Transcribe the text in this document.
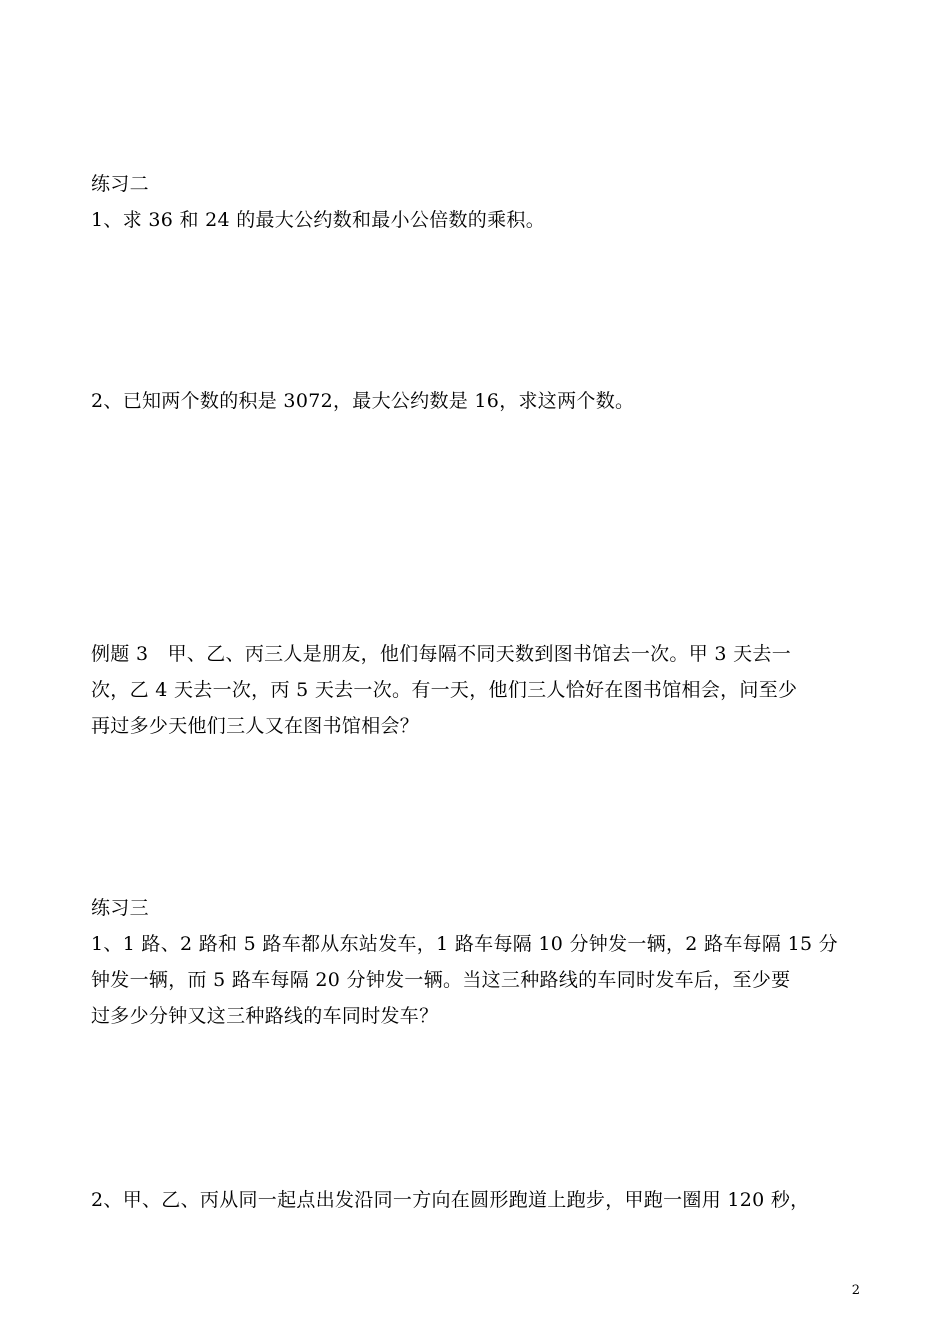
练习二
1、求 36 和 24 的最大公约数和最小公倍数的乘积。
2、已知两个数的积是 3072，最大公约数是 16，求这两个数。
例题 3　甲、乙、丙三人是朋友，他们每隔不同天数到图书馆去一次。甲 3 天去一
次，乙 4 天去一次，丙 5 天去一次。有一天，他们三人恰好在图书馆相会，问至少
再过多少天他们三人又在图书馆相会？
练习三
1、1 路、2 路和 5 路车都从东站发车，1 路车每隔 10 分钟发一辆，2 路车每隔 15 分
钟发一辆，而 5 路车每隔 20 分钟发一辆。当这三种路线的车同时发车后，至少要
过多少分钟又这三种路线的车同时发车？
2、甲、乙、丙从同一起点出发沿同一方向在圆形跑道上跑步，甲跑一圈用 120 秒，
2
